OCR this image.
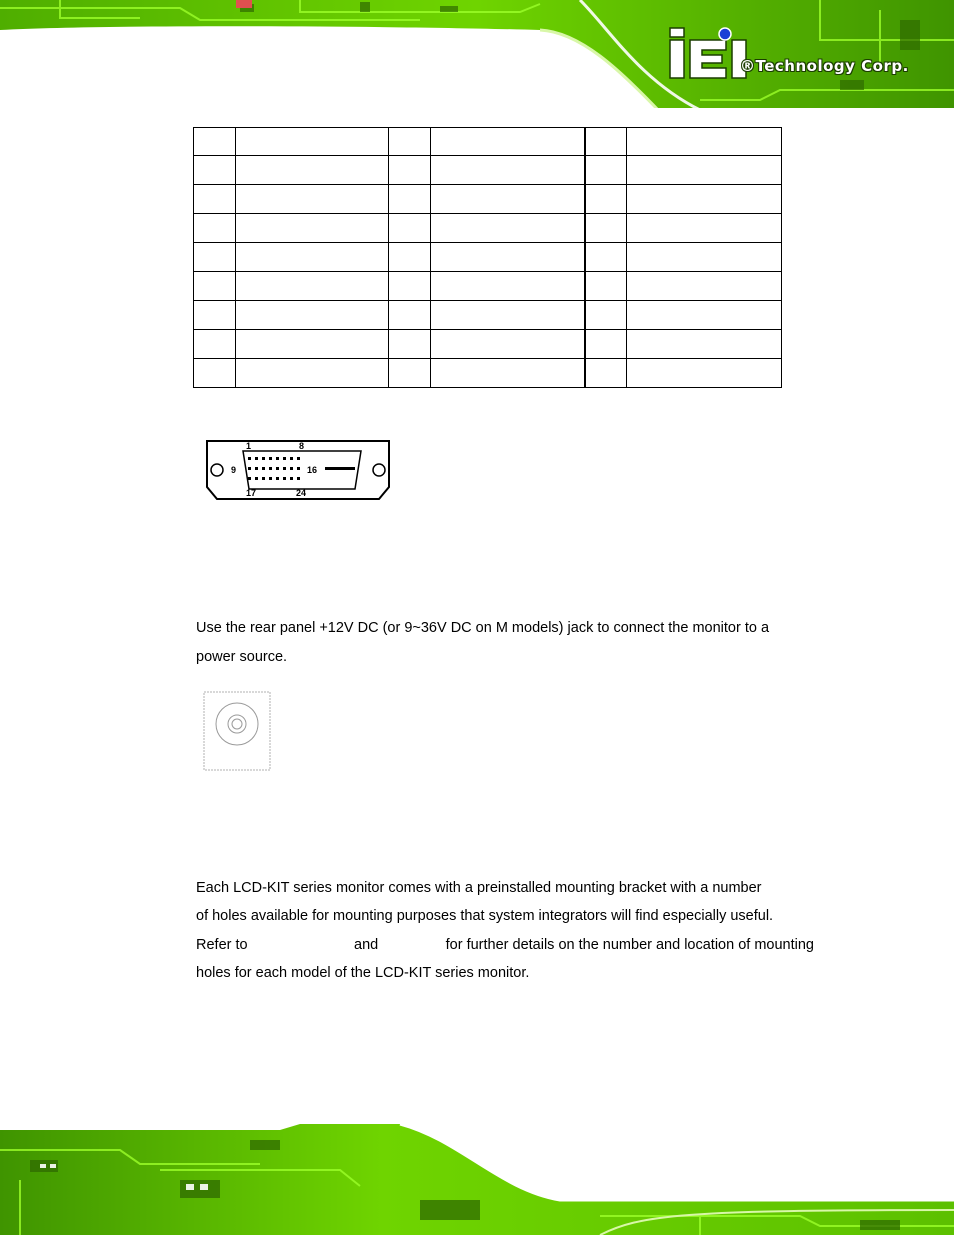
®Technology Corp.

1	8
9	16
17	24

Use the rear panel +12V DC (or 9~36V DC on M models) jack to connect the monitor to a
power source.

Each LCD-KIT series monitor comes with a preinstalled mounting bracket with a number

of holes available for mounting purposes that system integrators will find especially useful.

Refer to	and	for further details on the number and location of mounting

holes for each model of the LCD-KIT series monitor.
